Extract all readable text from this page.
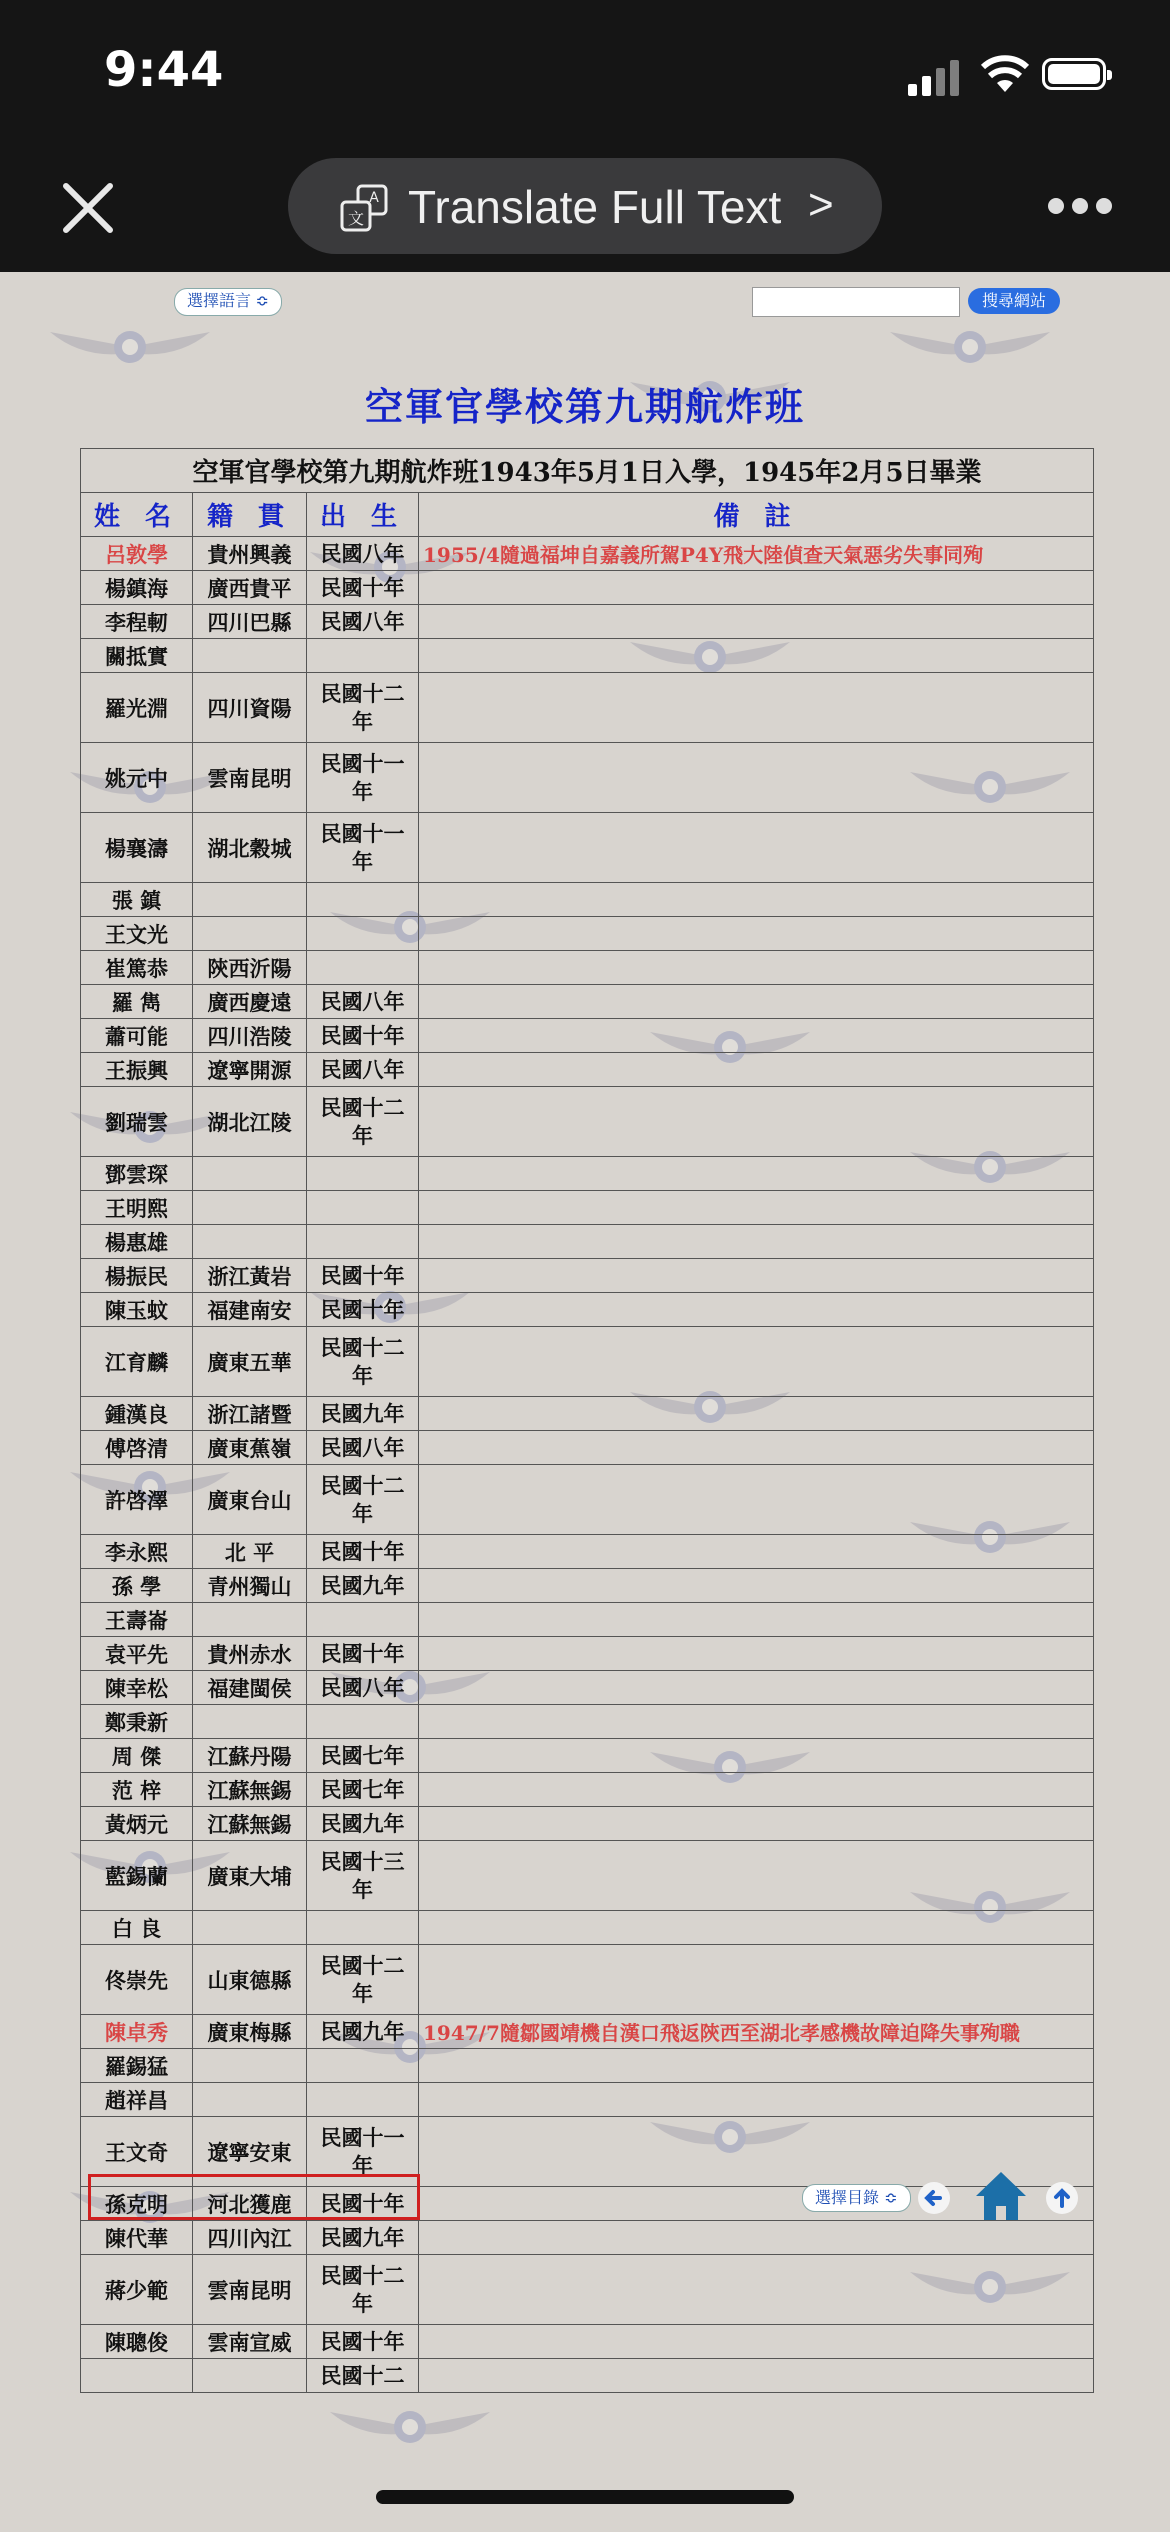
9:44
文
A Translate Full Text >
選擇語言 ≎	搜尋網站
空軍官學校第九期航炸班
空軍官學校第九期航炸班1943年5月1日入學，1945年2月5日畢業			
姓 名	籍 貫	出 生	備 註
呂敦學	貴州興義	民國八年	1955/4隨過福坤自嘉義所駕P4Y飛大陸偵查天氣惡劣失事同殉
楊鎮海	廣西貴平	民國十年	
李程軔	四川巴縣	民國八年	
關抵實			
羅光淵	四川資陽	民國十二年	
姚元中	雲南昆明	民國十一年	
楊襄濤	湖北穀城	民國十一年	
張 鎮			
王文光			
崔篤恭	陝西沂陽		
羅 雋	廣西慶遠	民國八年	
蕭可能	四川浩陵	民國十年	
王振興	遼寧開源	民國八年	
劉瑞雲	湖北江陵	民國十二年	
鄧雲琛			
王明熙			
楊惠雄			
楊振民	浙江黃岩	民國十年	
陳玉蚊	福建南安	民國十年	
江育麟	廣東五華	民國十二年	
鍾漢良	浙江諸暨	民國九年	
傅啓清	廣東蕉嶺	民國八年	
許啓澤	廣東台山	民國十二年	
李永熙	北 平	民國十年	
孫 學	青州獨山	民國九年	
王壽崙			
袁平先	貴州赤水	民國十年	
陳幸松	福建閩侯	民國八年	
鄭秉新			
周 傑	江蘇丹陽	民國七年	
范 梓	江蘇無錫	民國七年	
黃炳元	江蘇無錫	民國九年	
藍錫蘭	廣東大埔	民國十三年	
白 良			
佟崇先	山東德縣	民國十二年	
陳卓秀	廣東梅縣	民國九年	1947/7隨鄒國靖機自漢口飛返陝西至湖北孝感機故障迫降失事殉職
羅錫猛			
趙祥昌			
王文奇	遼寧安東	民國十一年	
孫克明	河北獲鹿	民國十年	
陳代華	四川內江	民國九年	
蔣少範	雲南昆明	民國十二年	
陳聰俊	雲南宣威	民國十年	
		民國十二	
選擇目錄 ≎
